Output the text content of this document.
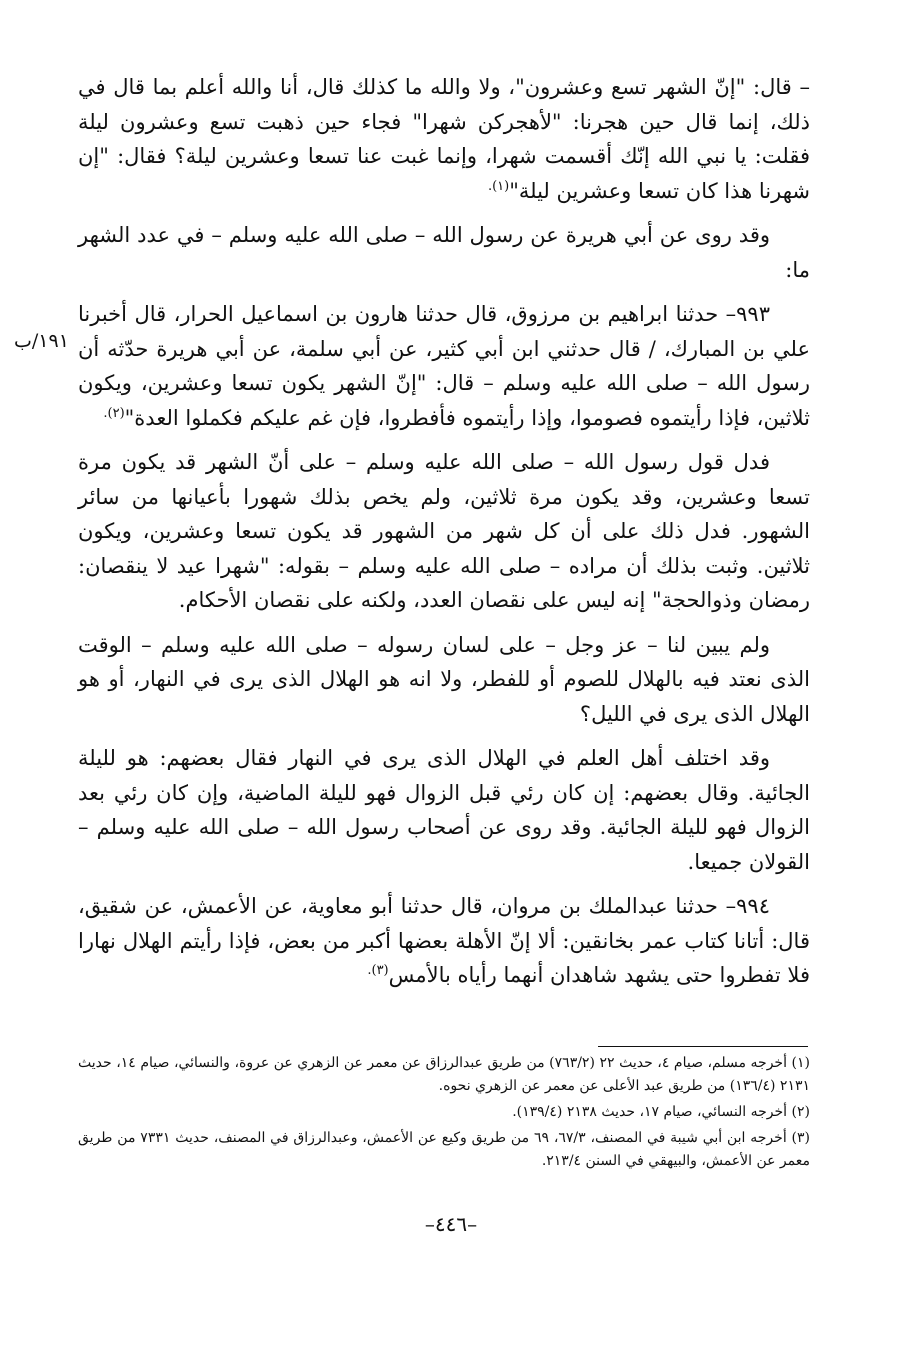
– قال: "إنّ الشهر تسع وعشرون"، ولا والله ما كذلك قال، أنا والله أعلم بما قال في ذلك، إنما قال حين هجرنا: "لأهجركن شهرا" فجاء حين ذهبت تسع وعشرون ليلة فقلت: يا نبي الله إنّك أقسمت شهرا، وإنما غبت عنا تسعا وعشرين ليلة؟ فقال: "إن شهرنا هذا كان تسعا وعشرين ليلة"$^{(١).}$

وقد روى عن أبي هريرة عن رسول الله – صلى الله عليه وسلم – في عدد الشهر ما:

٩٩٣– حدثنا ابراهيم بن مرزوق، قال حدثنا هارون بن اسماعيل الحرار، قال أخبرنا علي بن المبارك، / قال حدثني ابن أبي كثير، عن أبي سلمة، عن أبي هريرة حدّثه أن رسول الله – صلى الله عليه وسلم – قال: "إنّ الشهر يكون تسعا وعشرين، ويكون ثلاثين، فإذا رأيتموه فصوموا، وإذا رأيتموه فأفطروا، فإن غم عليكم فكملوا العدة"$^{(٢).}$

فدل قول رسول الله – صلى الله عليه وسلم – على أنّ الشهر قد يكون مرة تسعا وعشرين، وقد يكون مرة ثلاثين، ولم يخص بذلك شهورا بأعيانها من سائر الشهور. فدل ذلك على أن كل شهر من الشهور قد يكون تسعا وعشرين، ويكون ثلاثين. وثبت بذلك أن مراده – صلى الله عليه وسلم – بقوله: "شهرا عيد لا ينقصان: رمضان وذوالحجة" إنه ليس على نقصان العدد، ولكنه على نقصان الأحكام.

ولم يبين لنا – عز وجل – على لسان رسوله – صلى الله عليه وسلم – الوقت الذى نعتد فيه بالهلال للصوم أو للفطر، ولا انه هو الهلال الذى يرى في النهار، أو هو الهلال الذى يرى في الليل؟

وقد اختلف أهل العلم في الهلال الذى يرى في النهار فقال بعضهم: هو لليلة الجائية. وقال بعضهم: إن كان رئي قبل الزوال فهو لليلة الماضية، وإن كان رئي بعد الزوال فهو لليلة الجائية. وقد روى عن أصحاب رسول الله – صلى الله عليه وسلم – القولان جميعا.

٩٩٤– حدثنا عبدالملك بن مروان، قال حدثنا أبو معاوية، عن الأعمش، عن شقيق، قال: أتانا كتاب عمر بخانقين: ألا إنّ الأهلة بعضها أكبر من بعض، فإذا رأيتم الهلال نهارا فلا تفطروا حتى يشهد شاهدان أنهما رأياه بالأمس$^{(٣).}$

١٩١/ب

(١) أخرجه مسلم، صيام ٤، حديث ٢٢ (٧٦٣/٢) من طريق عبدالرزاق عن معمر عن الزهري عن عروة، والنسائي، صيام ١٤، حديث ٢١٣١ (١٣٦/٤) من طريق عبد الأعلى عن معمر عن الزهري نحوه.

(٢) أخرجه النسائي، صيام ١٧، حديث ٢١٣٨ (١٣٩/٤).

(٣) أخرجه ابن أبي شيبة في المصنف، ٦٧/٣، ٦٩ من طريق وكيع عن الأعمش، وعبدالرزاق في المصنف، حديث ٧٣٣١ من طريق معمر عن الأعمش، والبيهقي في السنن ٢١٣/٤.

–٤٤٦–
